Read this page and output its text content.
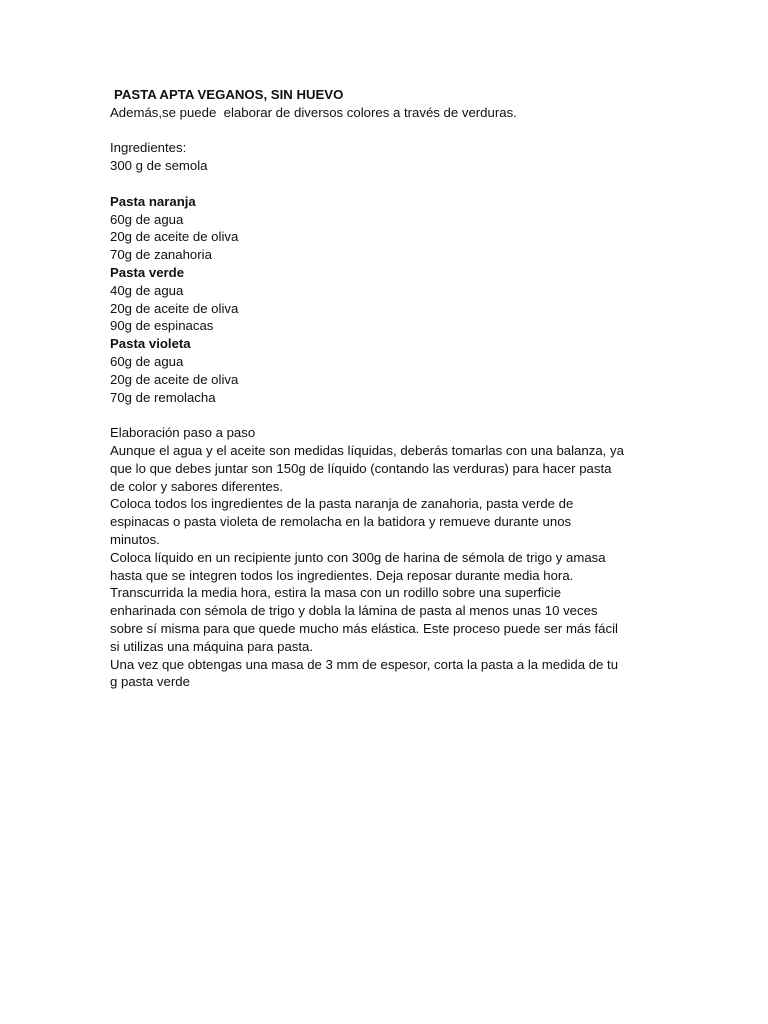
PASTA APTA VEGANOS, SIN HUEVO
Además,se puede  elaborar de diversos colores a través de verduras.
Ingredientes:
300 g de semola
Pasta naranja
60g de agua
20g de aceite de oliva
70g de zanahoria
Pasta verde
40g de agua
20g de aceite de oliva
90g de espinacas
Pasta violeta
60g de agua
20g de aceite de oliva
70g de remolacha
Elaboración paso a paso
Aunque el agua y el aceite son medidas líquidas, deberás tomarlas con una balanza, ya
que lo que debes juntar son 150g de líquido (contando las verduras) para hacer pasta
de color y sabores diferentes.
Coloca todos los ingredientes de la pasta naranja de zanahoria, pasta verde de
espinacas o pasta violeta de remolacha en la batidora y remueve durante unos
minutos.
Coloca líquido en un recipiente junto con 300g de harina de sémola de trigo y amasa
hasta que se integren todos los ingredientes. Deja reposar durante media hora.
Transcurrida la media hora, estira la masa con un rodillo sobre una superficie
enharinada con sémola de trigo y dobla la lámina de pasta al menos unas 10 veces
sobre sí misma para que quede mucho más elástica. Este proceso puede ser más fácil
si utilizas una máquina para pasta.
Una vez que obtengas una masa de 3 mm de espesor, corta la pasta a la medida de tu
g pasta verde
